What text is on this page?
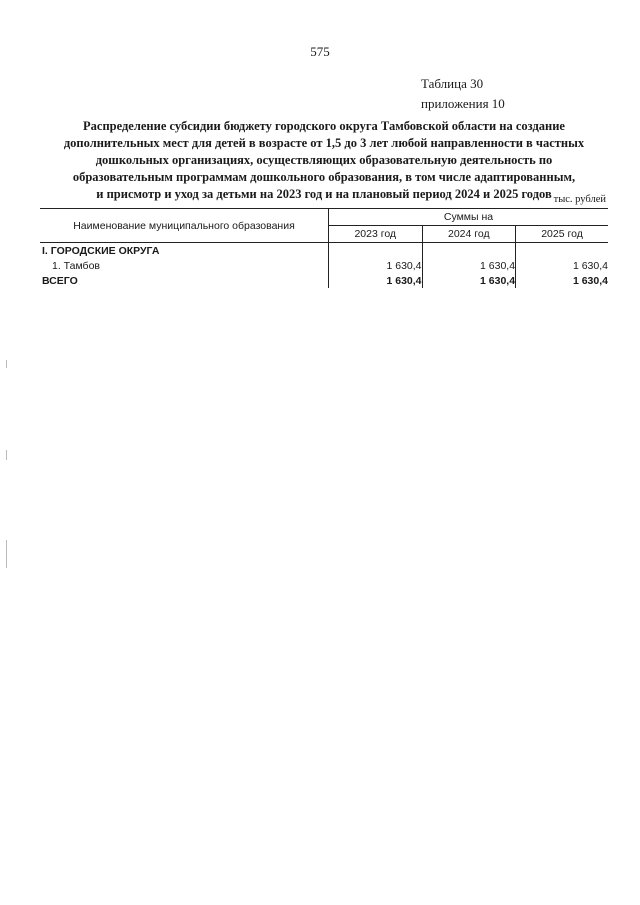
575
Таблица 30
приложения 10
Распределение субсидии бюджету городского округа Тамбовской области на создание
дополнительных мест для детей в возрасте от 1,5 до 3 лет любой направленности в частных
дошкольных организациях, осуществляющих образовательную деятельность по
образовательным программам дошкольного образования, в том числе адаптированным,
и присмотр и уход за детьми на 2023 год и на плановый период 2024 и 2025 годов тыс. рублей
Наименование муниципального образования	Суммы на		
	2023 год	2024 год	2025 год
I. ГОРОДСКИЕ ОКРУГА			
1. Тамбов	1 630,4	1 630,4	1 630,4
ВСЕГО	1 630,4	1 630,4	1 630,4
